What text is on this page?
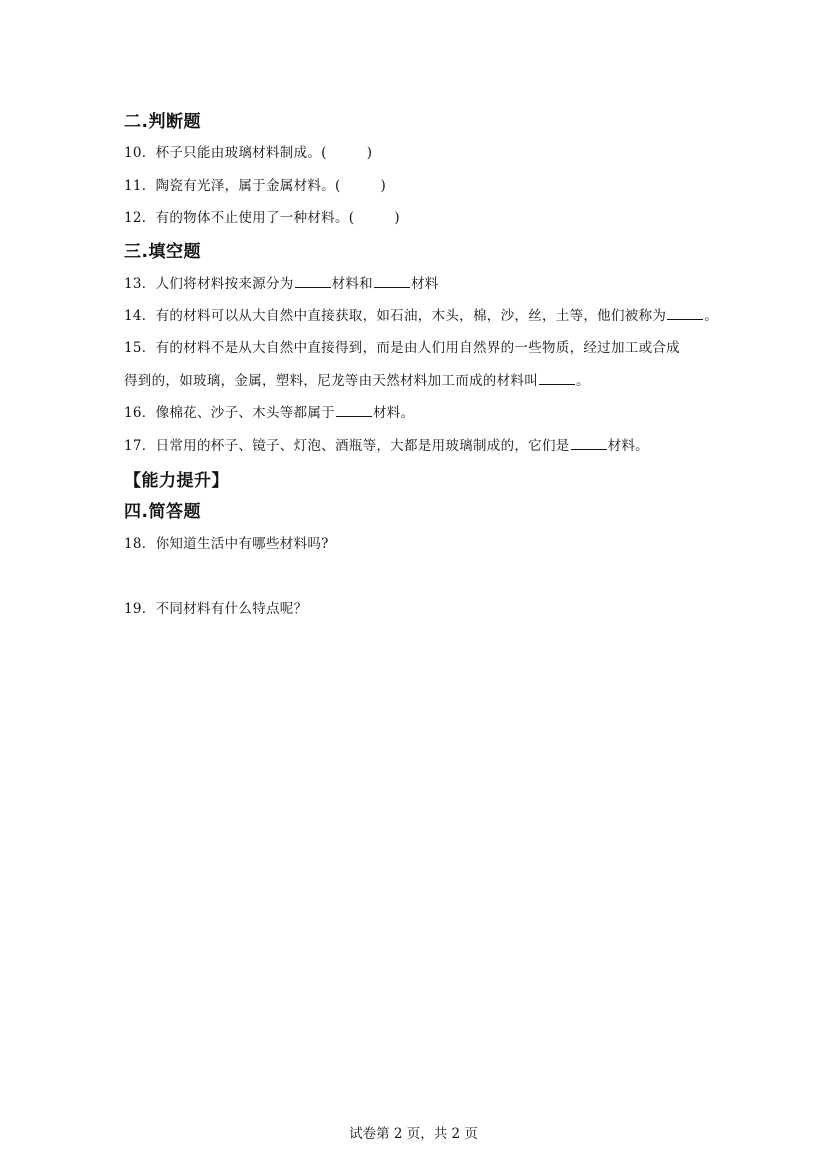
二.判断题
10．杯子只能由玻璃材料制成。(	)
11．陶瓷有光泽，属于金属材料。(	)
12．有的物体不止使用了一种材料。(	)
三.填空题
13．人们将材料按来源分为	材料和	材料
14．有的材料可以从大自然中直接获取，如石油，木头，棉，沙，丝，土等，他们被称为	。
15．有的材料不是从大自然中直接得到，而是由人们用自然界的一些物质，经过加工或合成
得到的，如玻璃，金属，塑料，尼龙等由天然材料加工而成的材料叫	。
16．像棉花、沙子、木头等都属于	材料。
17．日常用的杯子、镜子、灯泡、酒瓶等，大都是用玻璃制成的，它们是	材料。
【能力提升】
四.简答题
18．你知道生活中有哪些材料吗?
19．不同材料有什么特点呢？
试卷第 2 页，共 2 页
